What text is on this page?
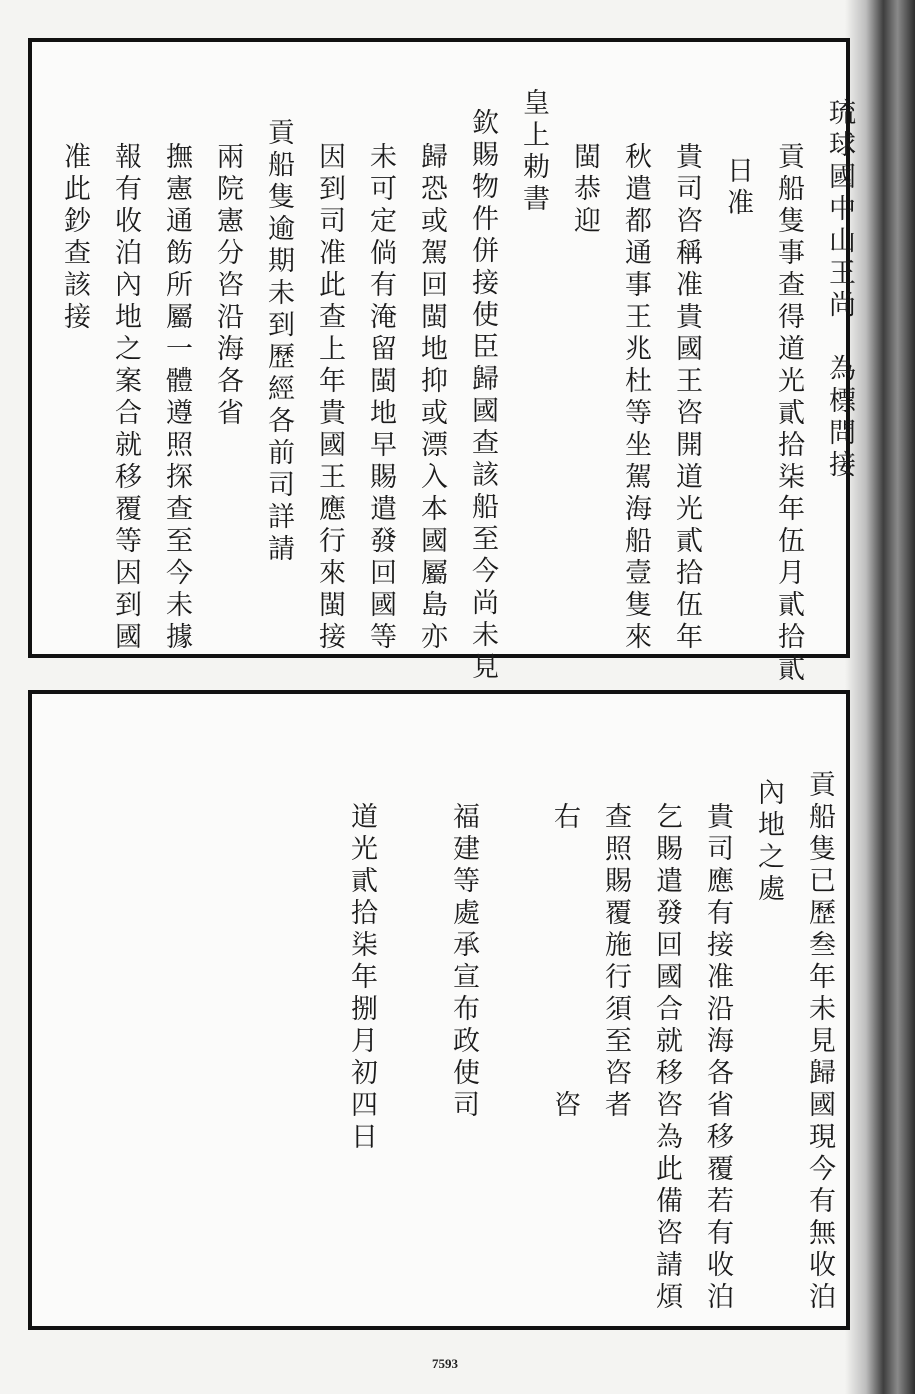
琉球國中山王尚　為標問接
貢船隻事查得道光貳拾柒年伍月貳拾貳
日准
貴司咨稱准貴國王咨開道光貳拾伍年
秋遣都通事王兆杜等坐駕海船壹隻來
閩恭迎
皇上勅書
欽賜物件併接使臣歸國查該船至今尚未見
歸恐或駕回閩地抑或漂入本國屬島亦
未可定倘有淹留閩地早賜遣發回國等
因到司准此查上年貴國王應行來閩接
貢船隻逾期未到歷經各前司詳請
兩院憲分咨沿海各省
撫憲通飭所屬一體遵照探查至今未據
報有收泊內地之案合就移覆等因到國
准此鈔查該接
貢船隻已歷叁年未見歸國現今有無收泊
內地之處
貴司應有接准沿海各省移覆若有收泊
乞賜遣發回國合就移咨為此備咨請煩
查照賜覆施行須至咨者
右　　　　　　　　咨
福建等處承宣布政使司
道光貳拾柒年捌月初四日
7593
